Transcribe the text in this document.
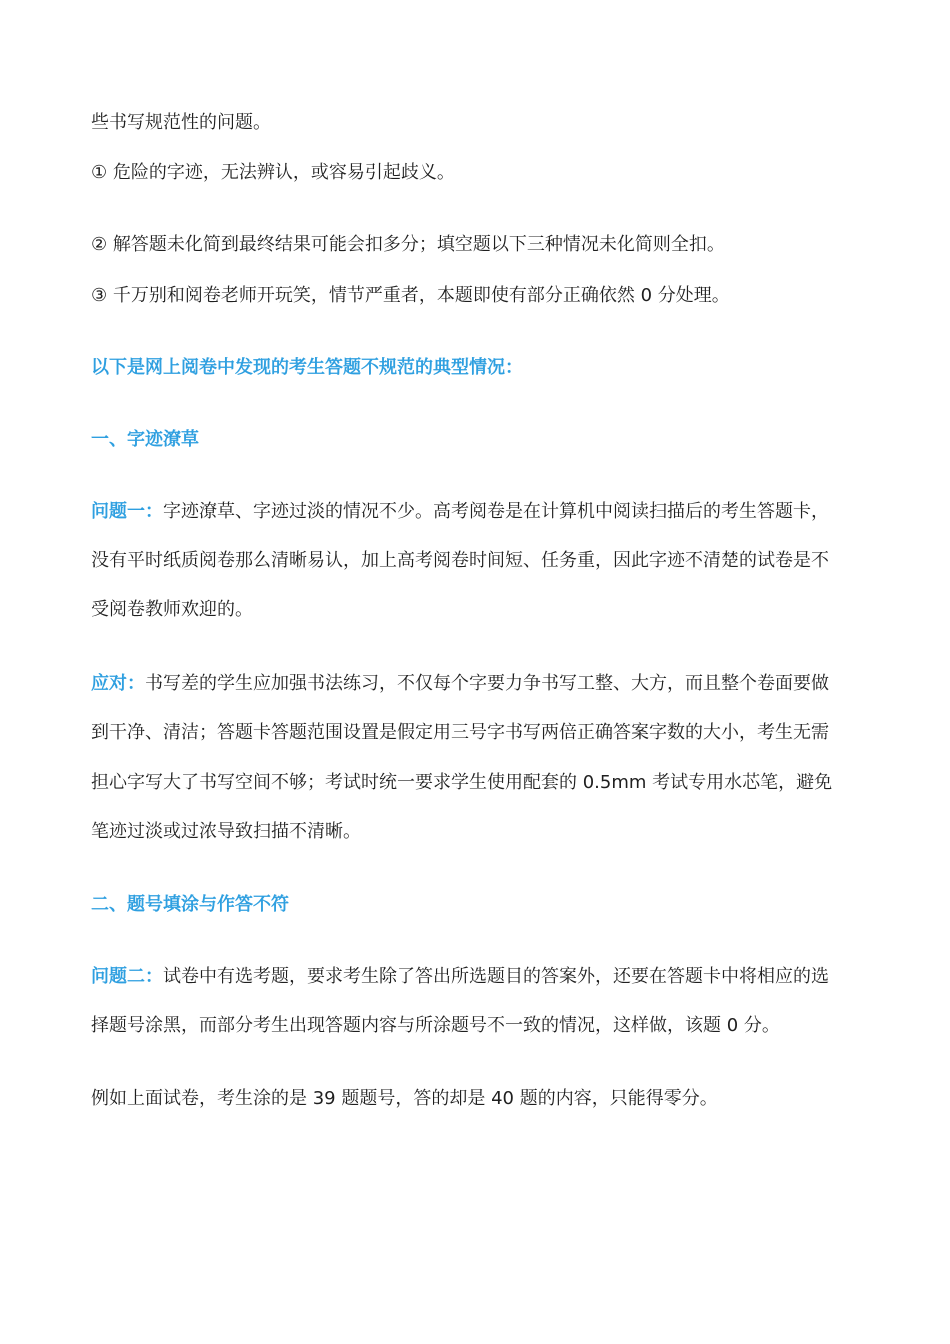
些书写规范性的问题。
① 危险的字迹，无法辨认，或容易引起歧义。
② 解答题未化简到最终结果可能会扣多分；填空题以下三种情况未化简则全扣。
③ 千万别和阅卷老师开玩笑，情节严重者，本题即使有部分正确依然 0 分处理。
以下是网上阅卷中发现的考生答题不规范的典型情况：
一、字迹潦草
问题一：字迹潦草、字迹过淡的情况不少。高考阅卷是在计算机中阅读扫描后的考生答题卡，
没有平时纸质阅卷那么清晰易认，加上高考阅卷时间短、任务重，因此字迹不清楚的试卷是不
受阅卷教师欢迎的。
应对：书写差的学生应加强书法练习，不仅每个字要力争书写工整、大方，而且整个卷面要做
到干净、清洁；答题卡答题范围设置是假定用三号字书写两倍正确答案字数的大小，考生无需
担心字写大了书写空间不够；考试时统一要求学生使用配套的 0.5mm 考试专用水芯笔，避免
笔迹过淡或过浓导致扫描不清晰。
二、题号填涂与作答不符
问题二：试卷中有选考题，要求考生除了答出所选题目的答案外，还要在答题卡中将相应的选
择题号涂黑，而部分考生出现答题内容与所涂题号不一致的情况，这样做，该题 0 分。
例如上面试卷，考生涂的是 39 题题号，答的却是 40 题的内容，只能得零分。
